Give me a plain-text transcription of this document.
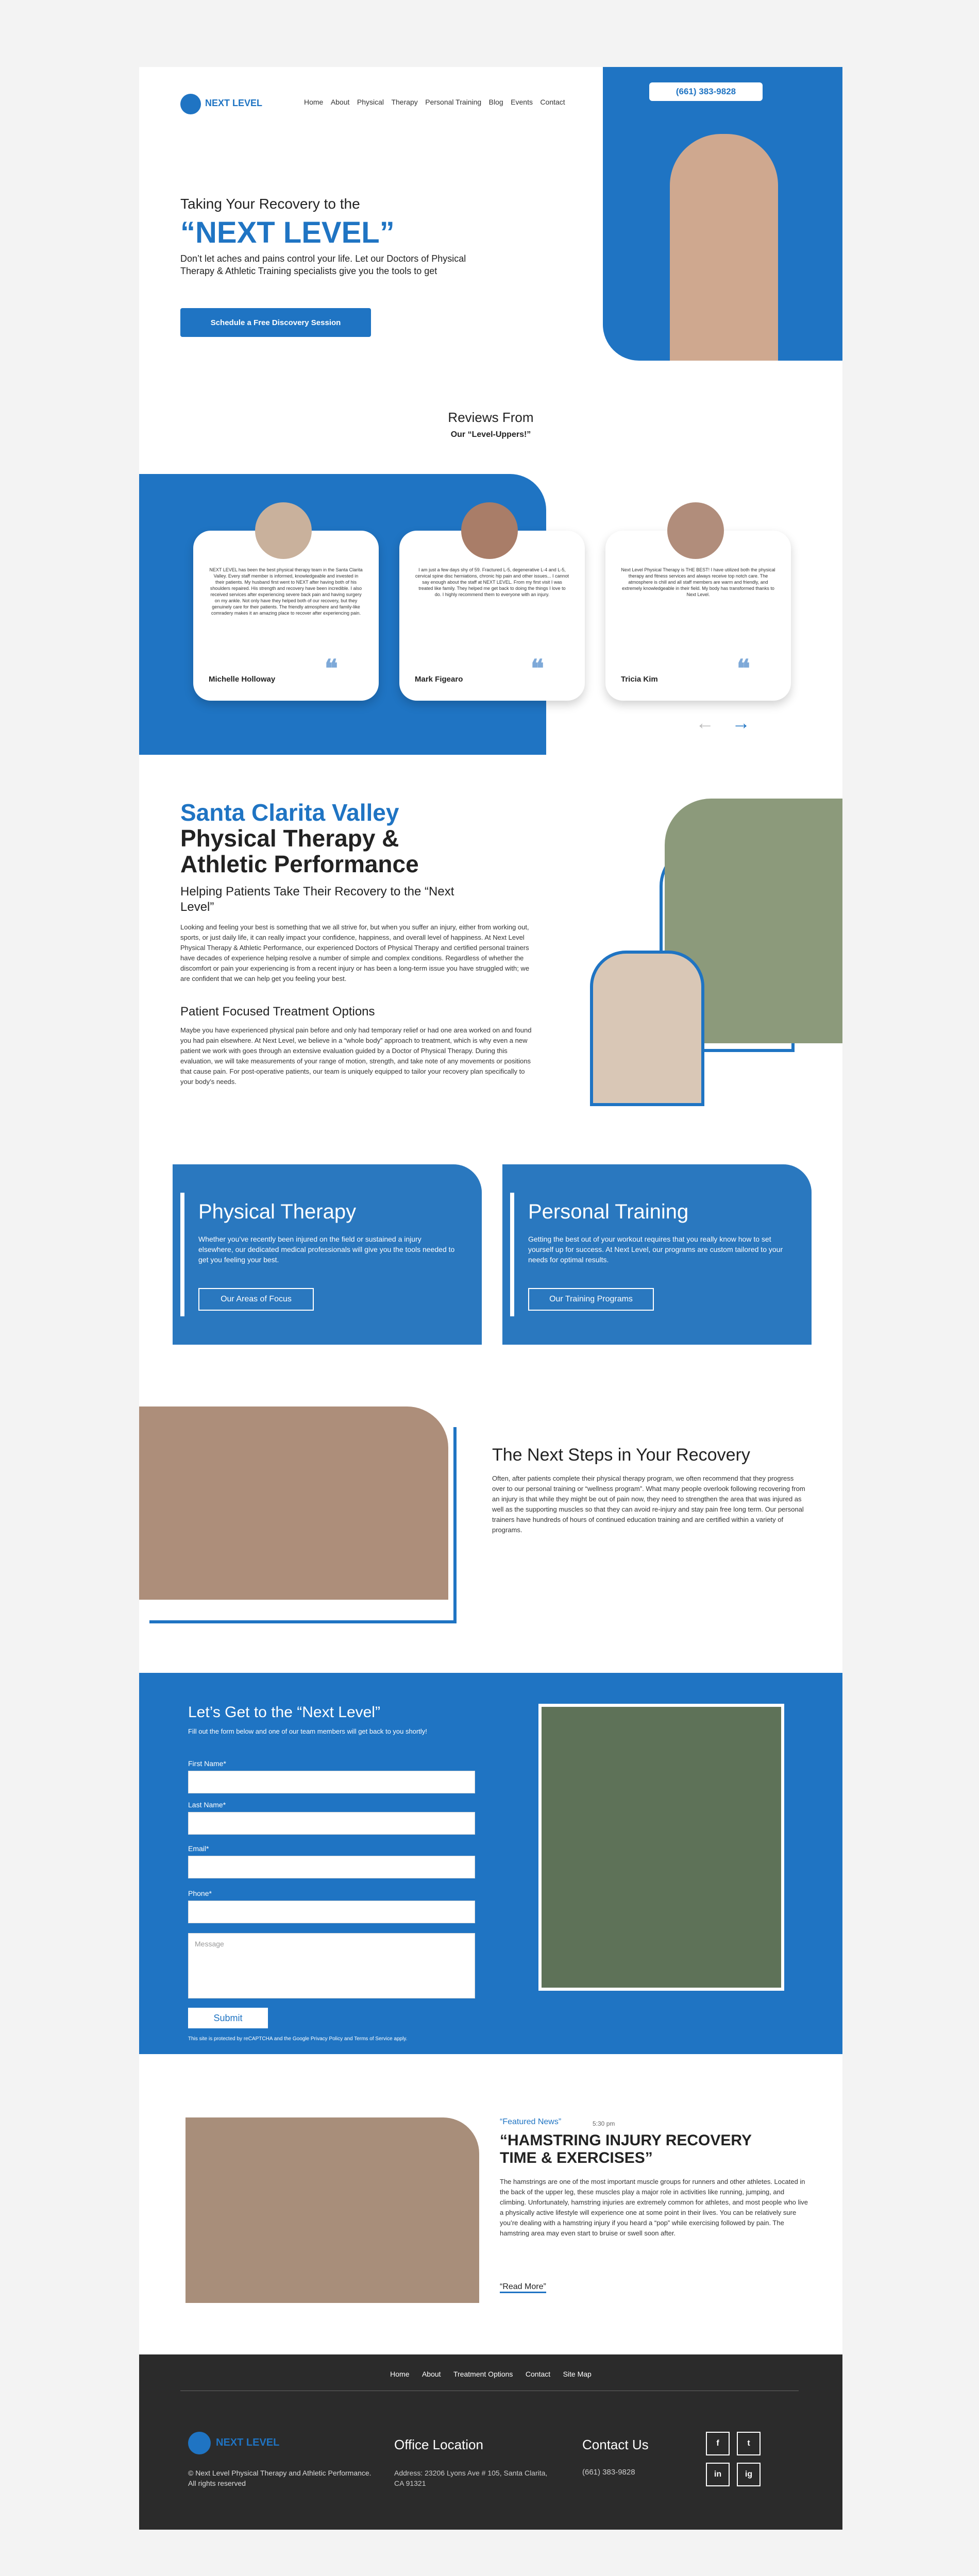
NEXT LEVEL	Home About Physical Therapy Personal Training Blog Events Contact
(661) 383-9828
Taking Your Recovery to the
“NEXT LEVEL”
Don’t let aches and pains control your life. Let our Doctors of Physical Therapy & Athletic Training specialists give you the tools to get
Schedule a Free Discovery Session
Reviews From
Our “Level-Uppers!”
NEXT LEVEL has been the best physical therapy team in the Santa Clarita Valley. Every staff member is informed, knowledgeable and invested in their patients. My husband first went to NEXT after having both of his shoulders repaired. His strength and recovery have been incredible. I also received services after experiencing severe back pain and having surgery on my ankle. Not only have they helped both of our recovery, but they genuinely care for their patients. The friendly atmosphere and family-like comradery makes it an amazing place to recover after experiencing pain.
Michelle Holloway ❝
I am just a few days shy of 59. Fractured L-5, degenerative L-4 and L-5, cervical spine disc herniations, chronic hip pain and other issues... I cannot say enough about the staff at NEXT LEVEL. From my first visit I was treated like family. They helped me get back to doing the things I love to do. I highly recommend them to everyone with an injury.
Mark Figearo	❝
Next Level Physical Therapy is THE BEST! I have utilized both the physical therapy and fitness services and always receive top notch care. The atmosphere is chill and all staff members are warm and friendly, and extremely knowledgeable in their field. My body has transformed thanks to Next Level.
Tricia Kim	❝
← →
Santa Clarita Valley
Physical Therapy &
Athletic Performance
Helping Patients Take Their Recovery to the “Next Level”
Looking and feeling your best is something that we all strive for, but when you suffer an injury, either from working out, sports, or just daily life, it can really impact your confidence, happiness, and overall level of happiness. At Next Level Physical Therapy & Athletic Performance, our experienced Doctors of Physical Therapy and certified personal trainers have decades of experience helping resolve a number of simple and complex conditions. Regardless of whether the discomfort or pain your experiencing is from a recent injury or has been a long-term issue you have struggled with; we are confident that we can help get you feeling your best.
Patient Focused Treatment Options
Maybe you have experienced physical pain before and only had temporary relief or had one area worked on and found you had pain elsewhere. At Next Level, we believe in a “whole body” approach to treatment, which is why even a new patient we work with goes through an extensive evaluation guided by a Doctor of Physical Therapy. During this evaluation, we will take measurements of your range of motion, strength, and take note of any movements or positions that cause pain. For post-operative patients, our team is uniquely equipped to tailor your recovery plan specifically to your body’s needs.
Physical Therapy
Whether you’ve recently been injured on the field or sustained a injury elsewhere, our dedicated medical professionals will give you the tools needed to get you feeling your best.
Our Areas of Focus
Personal Training
Getting the best out of your workout requires that you really know how to set yourself up for success. At Next Level, our programs are custom tailored to your needs for optimal results.
Our Training Programs
The Next Steps in Your Recovery
Often, after patients complete their physical therapy program, we often recommend that they progress over to our personal training or “wellness program”. What many people overlook following recovering from an injury is that while they might be out of pain now, they need to strengthen the area that was injured as well as the supporting muscles so that they can avoid re-injury and stay pain free long term. Our personal trainers have hundreds of hours of continued education training and are certified within a variety of programs.
Let’s Get to the “Next Level”
Fill out the form below and one of our team members will get back to you shortly!
First Name*
Last Name*
Email*
Phone*
Message
Submit
This site is protected by reCAPTCHA and the Google Privacy Policy and Terms of Service apply.
“Featured News”	5:30 pm
“HAMSTRING INJURY RECOVERY TIME & EXERCISES”
The hamstrings are one of the most important muscle groups for runners and other athletes. Located in the back of the upper leg, these muscles play a major role in activities like running, jumping, and climbing. Unfortunately, hamstring injuries are extremely common for athletes, and most people who live a physically active lifestyle will experience one at some point in their lives. You can be relatively sure you’re dealing with a hamstring injury if you heard a “pop” while exercising followed by pain. The hamstring area may even start to bruise or swell soon after.
“Read More”
Home About Treatment Options Contact Site Map
NEXT LEVEL
© Next Level Physical Therapy and Athletic Performance. All rights reserved
Office Location
Address: 23206 Lyons Ave # 105, Santa Clarita, CA 91321
Contact Us
(661) 383-9828
f	t
in	ig
